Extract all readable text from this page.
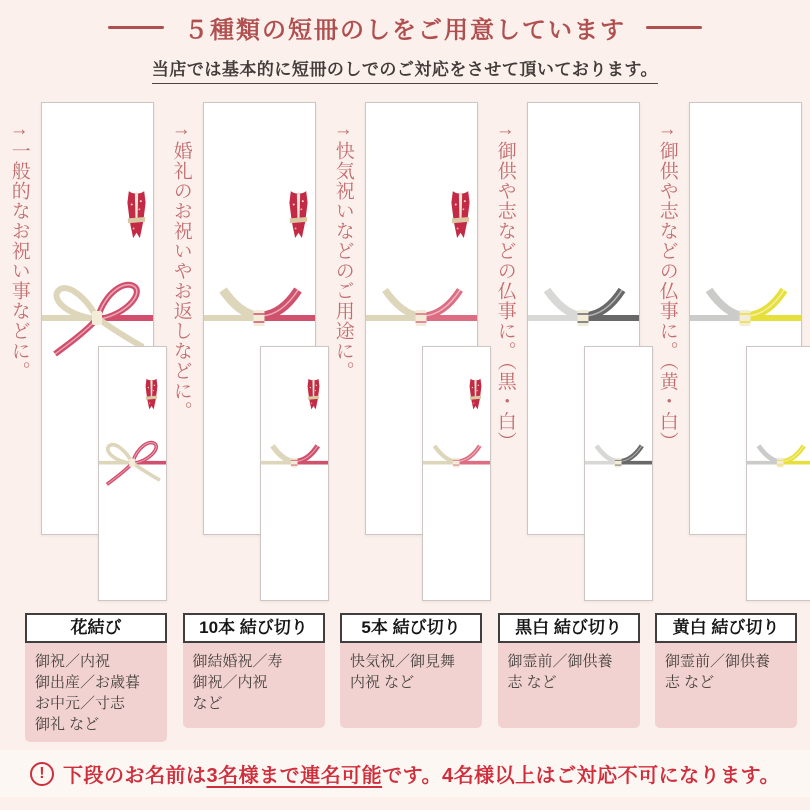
５種類の短冊のしをご用意しています
当店では基本的に短冊のしでのご対応をさせて頂いております。
→一般的なお祝い事などに。
→婚礼のお祝いやお返しなどに。
→快気祝いなどのご用途に。
→御供や志などの仏事に。（黒・白）
→御供や志などの仏事に。（黄・白）
花結び
御祝／内祝
御出産／お歳暮
お中元／寸志
御礼 など
10本 結び切り
御結婚祝／寿
御祝／内祝
など
5本 結び切り
快気祝／御見舞
内祝 など
黒白 結び切り
御霊前／御供養
志 など
黄白 結び切り
御霊前／御供養
志 など
! 下段のお名前は3名様まで連名可能です。4名様以上はご対応不可になります。
